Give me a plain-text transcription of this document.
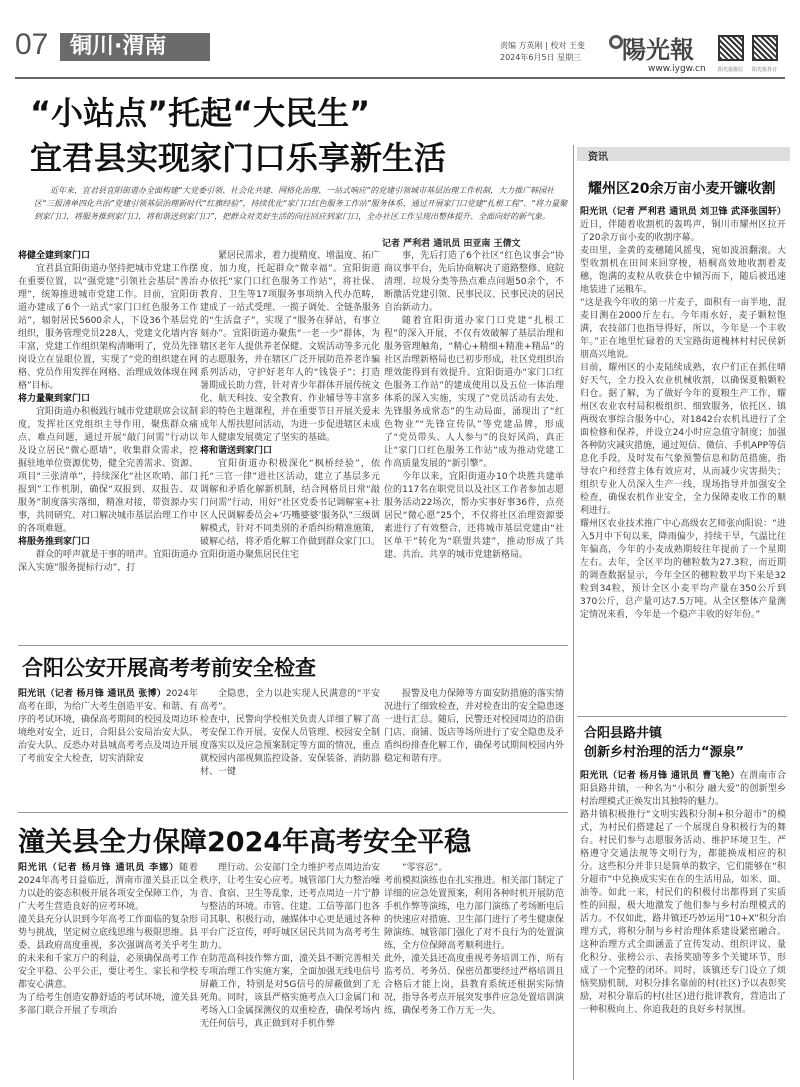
07 铜川·渭南	责编 方英刚 | 校对 王斐
2024年6月5日 星期三 陽光報
www.iygw.cn 阳光报微信 阳光报抖音
“小站点”托起“大民生”
宜君县实现家门口乐享新生活
近年来，宜君县宜阳街道办全面构建“大党委引领、社会化共建、网格化治理、一站式响应”的党建引领城市基层治理工作机制，大力推广韩园社区“三报清单四化共治”党建引领基层治理新时代“红旗经验”，持续优化“家门口红色服务工作站”服务体系，通过开展家门口党建“扎根工程”、“将力量聚到家门口，将服务推到家门口，将和谐送到家门口”，把群众对美好生活的向往回应到家门口，全办社区工作呈现出整体提升、全面向好的新气象。
记者 严利君 通讯员 田亚南 王倩文
将健全建到家门口

宜君县宜阳街道办坚持把城市党建工作摆在重要位置，以“强党建”引领社会基层“善治理”，统筹推进城市党建工作。目前，宜阳街道办建成了6个一站式“家门口红色服务工作站”，辐射居民5600余人，下设36个基层党组织，服务管理党员228人，党建文化墙内容丰富，党建工作组织架构清晰明了，党员先锋岗设立在显眼位置，实现了“党的组织建在网格、党员作用发挥在网格、治理成效体现在网格”目标。

将力量聚到家门口

宜阳街道办积极践行城市党建联席会议制度，发挥社区党组织主导作用，聚焦群众痛点、难点问题，通过开展“敲门问需”行动以及设立居民“微心愿墙”，收集群众需求，挖掘驻地单位资源优势，健全完善需求、资源、项目“三张清单”，持续深化“社区吹哨、部门报到”工作机制，确保“双报到、双报告、双服务”制度落实落细，精准对接，带资源办实事，共同研究、对口解决城市基层治理工作中的各项难题。

将服务推到家门口

群众的呼声就是干事的哨声。宜阳街道办深入实施“服务提标行动”，打

紧居民需求，着力提精度、增温度、拓广度、加力度，托起群众“微幸福”。宜阳街道办依托“家门口红色服务工作站”，将社保、教育、卫生等17项服务事项纳入代办范畴，建成了一站式受理、一揽子调处、全链条服务的“生活盒子”，实现了“服务在驿站，有事立刻办”。宜阳街道办聚焦“一老一少”群体，为辖区老年人提供养老保健、文娱活动等多元化的志愿服务，并在辖区广泛开展防范养老诈骗系列活动，守护好老年人的“钱袋子”；打造暑期成长助力营，针对青少年群体开展传统文化、航天科技、安全教育、作业辅导等丰富多彩的特色主题课程，并在重要节日开展关爱未成年人帮扶慰问活动，为进一步促进辖区未成年人健康发展奠定了坚实的基础。

将和谐送到家门口

宜阳街道办积极深化“枫桥经验”，依托“三官一律”进社区活动，建立了基层多元调解和矛盾化解新机制，结合网格员日常“敲门问需”行动，用好“社区党委书记调解室+社区人民调解委员会+‘巧嘴婆婆’服务队”三级调解模式，针对不同类别的矛盾纠纷精准施策，破解心结，将矛盾化解工作做到群众家门口。宜阳街道办聚焦居民住宅

事，先后打造了6个社区“红色议事会”协商议事平台，先后协商解决了道路整修、庭院清理、垃圾分类等热点难点问题50余个，不断激活党建引领、民事民议、民事民决的居民自治新动力。

随着宜阳街道办家门口党建“扎根工程”的深入开展，不仅有效破解了基层治理和服务管理触角，“精心+精细+精准+精品”的社区治理新格局也已初步形成，社区党组织治理效能得到有效提升。宜阳街道办“家门口红色服务工作站”的建成使用以及五位一体治理体系的深入实施，实现了“党员活动有去处、先锋服务成常态”的生动局面，涌现出了“红色物业”“先锋宣传队”等党建品牌，形成了“党员带头、人人参与”的良好风尚，真正让“家门口红色服务工作站”成为推动党建工作高质量发展的“新引擎”。

今年以来，宜阳街道办10个块胜共建单位的117名在职党员以及社区工作者参加志愿服务活动22场次，帮办实事好事36件，点亮居民“微心愿”25个，不仅将社区治理资源要素进行了有效整合，还将城市基层党建由“社区单干”转化为“联盟共建”，推动形成了共建、共治、共享的城市党建新格局。

合阳公安开展高考考前安全检查
阳光讯（记者 杨月锋 通讯员 张博）2024年高考在即，为给广大考生创造平安、和谐、有序的考试环境，确保高考期间的校园及周边环境绝对安全，近日，合阳县公安局治安大队、治安大队、反恐办对县城高考考点及周边开展了考前安全大检查，切实消除安

全隐患，全力以赴实现人民满意的“平安高考”。
检查中，民警向学校相关负责人详细了解了高考安保工作开展、安保人员管理、校园安全制度落实以及应急预案制定等方面的情况，重点就校园内部视频监控设备、安保装备、消防器材、一键

报警及电力保障等方面安防措施的落实情况进行了细致检查，并对检查出的安全隐患逐一进行汇总。随后，民警还对校园周边的沿街门店、商铺、饭店等场所进行了安全隐患及矛盾纠纷排查化解工作，确保考试期间校园内外稳定和谐有序。

潼关县全力保障2024年高考安全平稳
阳光讯（记者 杨月锋 通讯员 李娜）随着2024年高考日益临近，渭南市潼关县正以全力以赴的姿态积极开展各项安全保障工作，为广大考生营造良好的应考环境。
潼关县充分认识到今年高考工作面临的复杂形势与挑战，坚定树立底线思维与极限思维。县委、县政府高度重视，多次强调高考关乎考生的未来和千家万户的利益，必须确保高考工作安全平稳、公平公正，要让考生、家长和学校都安心满意。
为了给考生创造安静舒适的考试环境，潼关县多部门联合开展了专项治

理行动。公安部门全力维护考点周边治安秩序，让考生安心应考。城管部门大力整治噪音、食宿、卫生等乱象，还考点周边一片宁静与整洁的环境。市管、住建、工信等部门也各司其职、积极行动，融媒体中心更是通过各种平台广泛宣传，呼吁城区居民共同为高考考生助力。
在防范高科技作弊方面，潼关县不断完善相关专项治理工作实施方案，全面加强无线电信号屏蔽工作，特别是对5G信号的屏蔽做到了无死角。同时，该县严格实施考点入口金属门和考场入口金属探测仪的双重检查，确保考场内无任何信号，真正做到对手机作弊

“零容忍”。
考前模拟演练也在扎实推进。相关部门制定了详细的应急处置预案，利用各种时机开展防范手机作弊等演练，电力部门演练了考场断电后的快速应对措施、卫生部门进行了考生健康保障演练、城管部门强化了对不良行为的处置演练，全方位保障高考顺利进行。
此外，潼关县还高度重视考务培训工作，所有监考员、考务员、保密员都要经过严格培训且合格后才能上岗，县教育系统还根据实际情况，指导各考点开展突发事件应急处置培训演练，确保考务工作万无一失。

资讯
耀州区20余万亩小麦开镰收割
阳光讯（记者 严利君 通讯员 刘卫锋 武泽张国轩）近日，伴随着收割机的轰鸣声，铜川市耀州区拉开了20余万亩小麦的收割序幕。
麦田里，金黄的麦穗随风摇曳，宛如波浪翻滚。大型收割机在田间来回穿梭，梧桐高效地收割着麦穗，饱满的麦粒从收获仓中倾泻而下，随后被迅速地装进了运粮车。
“这是我今年收的第一片麦子，面积有一亩半地，混麦目测在2000斤左右。今年雨水好，麦子颗粒饱满，农技部门也指导得好，所以，今年是一个丰收年。”正在地里忙碌着的天宝路街道槐林村村民侯新朋高兴地说。
目前，耀州区的小麦陆续成熟，农户们正在抓住晴好天气，全力投入农业机械收割，以确保夏粮颗粒归仓。据了解，为了做好今年的夏粮生产工作，耀州区农业农村局积极组织、细致服务，依托区、镇两级农事综合服务中心，对1842台农机具进行了全面检修和保养，并设立24小时应急值守制度；加强各种防灾减灾措施，通过短信、微信、手机APP等信息化手段，及时发布气象预警信息和防范措施，指导农户和经营主体有效应对，从而减少灾害损失；组织专业人员深入生产一线，现场指导并加强安全检查，确保农机作业安全，全力保障麦收工作的顺利进行。
耀州区农业技术推广中心高级农艺师张向阳说：“进入5月中下旬以来，降雨偏少，持续干旱，气温比往年偏高，今年的小麦成熟期较往年提前了一个星期左右。去年，全区平均的穗粒数为27.3粒，而近期的调查数据显示，今年全区的穗粒数平均下来是32粒到34粒，预计全区小麦平均产量在350公斤到370公斤，总产量可达7.5万吨。从全区整体产量测定情况来看，今年是一个稳产丰收的好年份。”
合阳县路井镇
创新乡村治理的活力“源泉”
阳光讯（记者 杨月锋 通讯员 曹飞艳）在渭南市合阳县路井镇，一种名为“小积分 融大爱”的创新型乡村治理模式正焕发出其独特的魅力。
路井镇积极推行“文明实践积分制+积分超市”的模式，为村民们搭建起了一个展现自身积极行为的舞台。村民们参与志愿服务活动、维护环境卫生、严格遵守交通法规等文明行为，都能换成相应的积分。这些积分并非只是简单的数字，它们能够在“积分超市”中兑换成实实在在的生活用品，如米、面、油等。如此一来，村民们的积极付出都得到了实质性的回报，极大地激发了他们参与乡村治理模式的活力。不仅如此，路井镇还巧妙运用“10+X”积分治理方式，将积分制与乡村治理体系建设紧密融合。这种治理方式全面涵盖了宣传发动、组织评议、量化积分、张榜公示、表扬奖励等多个关键环节，形成了一个完整的闭环。同时，该镇还专门设立了烦恼奖励机制，对积分排名靠前的村(社区)予以表彰奖励，对积分靠后的村(社区)进行批评教育，营造出了一种积极向上、你追我赶的良好乡村氛围。
